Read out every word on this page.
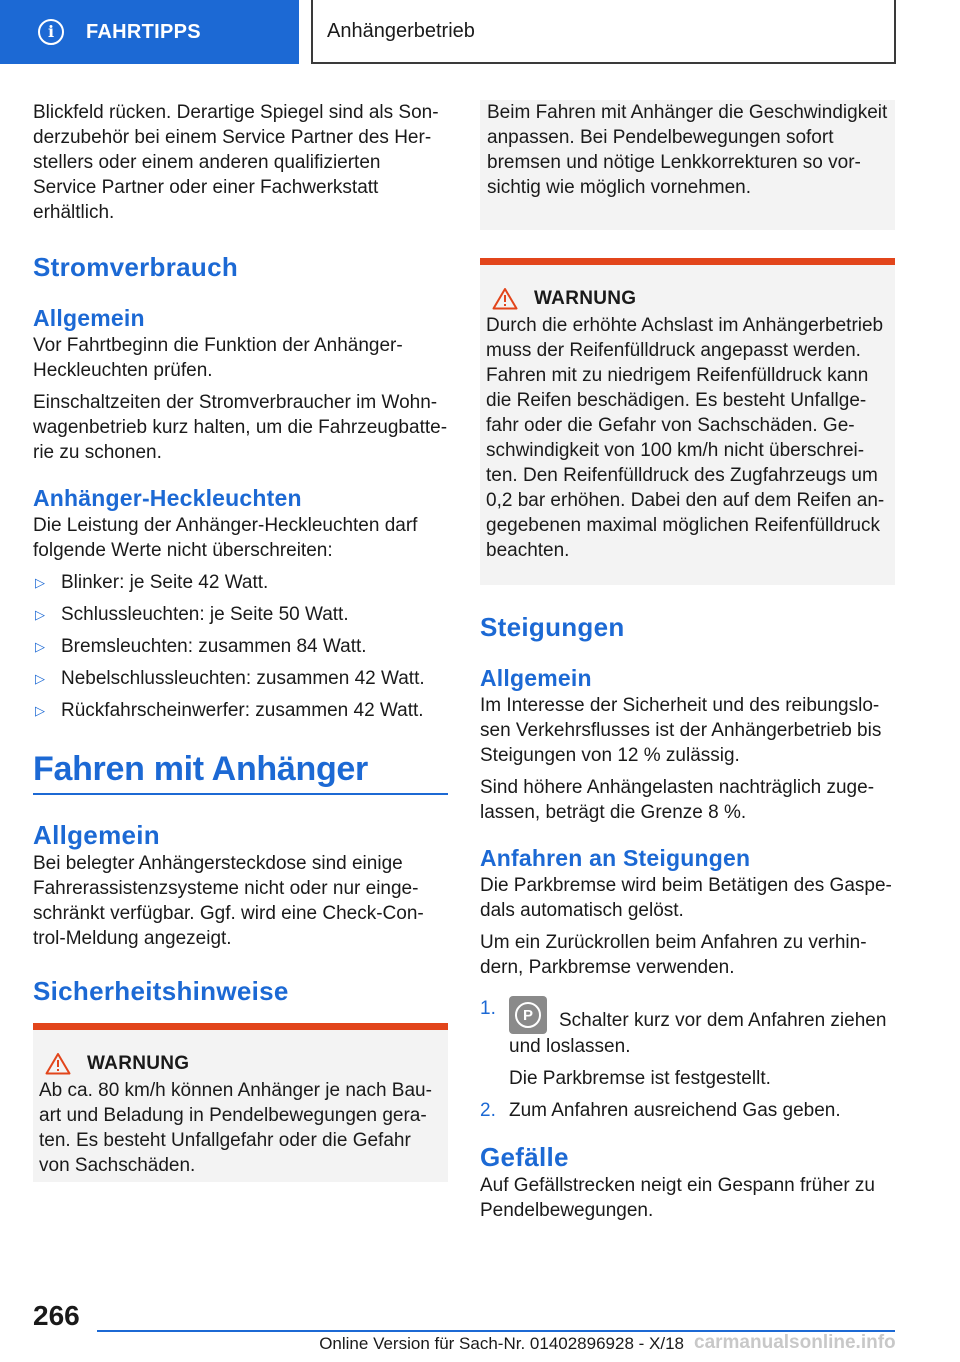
i FAHRTIPPS	Anhängerbetrieb

Blickfeld rücken. Derartige Spiegel sind als Sonderzubehör bei einem Service Partner des Herstellers oder einem anderen qualifizierten Service Partner oder einer Fachwerkstatt erhältlich.

Stromverbrauch
Allgemein

Vor Fahrtbeginn die Funktion der Anhänger-Heckleuchten prüfen.

Einschaltzeiten der Stromverbraucher im Wohnwagenbetrieb kurz halten, um die Fahrzeugbatterie zu schonen.

Anhänger-Heckleuchten

Die Leistung der Anhänger-Heckleuchten darf folgende Werte nicht überschreiten:

▷ Blinker: je Seite 42 Watt.
▷ Schlussleuchten: je Seite 50 Watt.
▷ Bremsleuchten: zusammen 84 Watt.
▷ Nebelschlussleuchten: zusammen 42 Watt.
▷ Rückfahrscheinwerfer: zusammen 42 Watt.
Fahren mit Anhänger
Allgemein

Bei belegter Anhängersteckdose sind einige Fahrerassistenzsysteme nicht oder nur eingeschränkt verfügbar. Ggf. wird eine Check-Control-Meldung angezeigt.

Sicherheitshinweise
WARNUNG

Ab ca. 80 km/h können Anhänger je nach Bauart und Beladung in Pendelbewegungen geraten. Es besteht Unfallgefahr oder die Gefahr von Sachschäden.

Beim Fahren mit Anhänger die Geschwindigkeit anpassen. Bei Pendelbewegungen sofort bremsen und nötige Lenkkorrekturen so vorsichtig wie möglich vornehmen.

WARNUNG

Durch die erhöhte Achslast im Anhängerbetrieb muss der Reifenfülldruck angepasst werden. Fahren mit zu niedrigem Reifenfülldruck kann die Reifen beschädigen. Es besteht Unfallgefahr oder die Gefahr von Sachschäden. Geschwindigkeit von 100 km/h nicht überschreiten. Den Reifenfülldruck des Zugfahrzeugs um 0,2 bar erhöhen. Dabei den auf dem Reifen angegebenen maximal möglichen Reifenfülldruck beachten.

Steigungen
Allgemein

Im Interesse der Sicherheit und des reibungslosen Verkehrsflusses ist der Anhängerbetrieb bis Steigungen von 12 % zulässig.

Sind höhere Anhängelasten nachträglich zugelassen, beträgt die Grenze 8 %.

Anfahren an Steigungen

Die Parkbremse wird beim Betätigen des Gaspedals automatisch gelöst.

Um ein Zurückrollen beim Anfahren zu verhindern, Parkbremse verwenden.

1.	P	Schalter kurz vor dem Anfahren ziehen und loslassen.
Die Parkbremse ist festgestellt.
2. Zum Anfahren ausreichend Gas geben.
Gefälle

Auf Gefällstrecken neigt ein Gespann früher zu Pendelbewegungen.

266
Online Version für Sach-Nr. 01402896928 - X/18 carmanualsonline.info
